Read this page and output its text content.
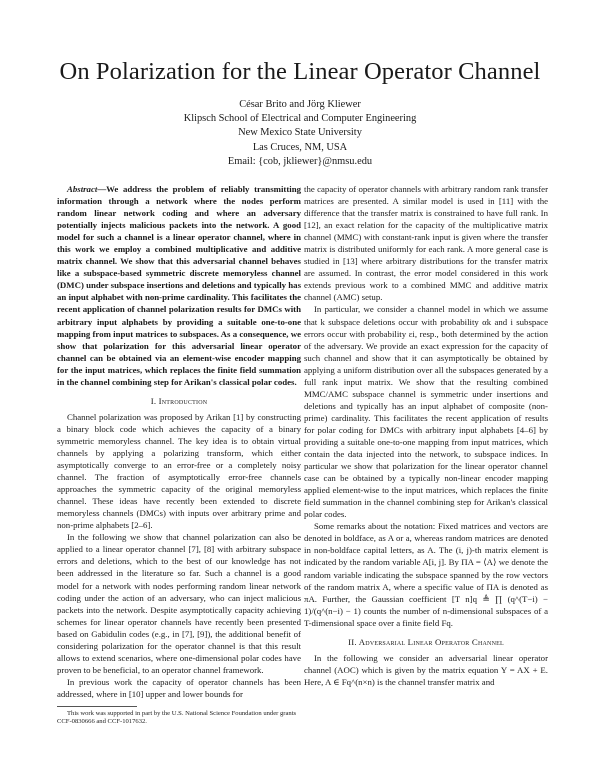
On Polarization for the Linear Operator Channel
César Brito and Jörg Kliewer
Klipsch School of Electrical and Computer Engineering
New Mexico State University
Las Cruces, NM, USA
Email: {cob, jkliewer}@nmsu.edu

Abstract—We address the problem of reliably transmitting information through a network where the nodes perform random linear network coding and where an adversary potentially injects malicious packets into the network. A good model for such a channel is a linear operator channel, where in this work we employ a combined multiplicative and additive matrix channel. We show that this adversarial channel behaves like a subspace-based symmetric discrete memoryless channel (DMC) under subspace insertions and deletions and typically has an input alphabet with non-prime cardinality. This facilitates the recent application of channel polarization results for DMCs with arbitrary input alphabets by providing a suitable one-to-one mapping from input matrices to subspaces. As a consequence, we show that polarization for this adversarial linear operator channel can be obtained via an element-wise encoder mapping for the input matrices, which replaces the finite field summation in the channel combining step for Arikan's classical polar codes.

I. Introduction

Channel polarization was proposed by Arikan [1] by constructing a binary block code which achieves the capacity of a binary symmetric memoryless channel. The key idea is to obtain virtual channels by applying a polarizing transform, which either asymptotically converge to an error-free or a completely noisy channel. The fraction of asymptotically error-free channels approaches the symmetric capacity of the original memoryless channel. These ideas have recently been extended to discrete memoryless channels (DMCs) with inputs over arbitrary prime and non-prime alphabets [2–6].

In the following we show that channel polarization can also be applied to a linear operator channel [7], [8] with arbitrary subspace errors and deletions, which to the best of our knowledge has not been addressed in the literature so far. Such a channel is a good model for a network with nodes performing random linear network coding under the action of an adversary, who can inject malicious packets into the network. Despite asymptotically capacity achieving schemes for linear operator channels have recently been presented based on Gabidulin codes (e.g., in [7], [9]), the additional benefit of considering polarization for the operator channel is that this result allows to extend scenarios, where one-dimensional polar codes have proven to be beneficial, to an operator channel framework.

In previous work the capacity of operator channels has been addressed, where in [10] upper and lower bounds for

This work was supported in part by the U.S. National Science Foundation under grants CCF-0830666 and CCF-1017632.

the capacity of operator channels with arbitrary random rank transfer matrices are presented. A similar model is used in [11] with the difference that the transfer matrix is constrained to have full rank. In [12], an exact relation for the capacity of the multiplicative matrix channel (MMC) with constant-rank input is given where the transfer matrix is distributed uniformly for each rank. A more general case is studied in [13] where arbitrary distributions for the transfer matrix are assumed. In contrast, the error model considered in this work extends previous work to a combined MMC and additive matrix channel (AMC) setup.

In particular, we consider a channel model in which we assume that k subspace deletions occur with probability αk and i subspace errors occur with probability εi, resp., both determined by the action of the adversary. We provide an exact expression for the capacity of such channel and show that it can asymptotically be obtained by applying a uniform distribution over all the subspaces generated by a full rank input matrix. We show that the resulting combined MMC/AMC subspace channel is symmetric under insertions and deletions and typically has an input alphabet of composite (non-prime) cardinality. This facilitates the recent application of results for polar coding for DMCs with arbitrary input alphabets [4–6] by providing a suitable one-to-one mapping from input matrices, which contain the data injected into the network, to subspace indices. In particular we show that polarization for the linear operator channel case can be obtained by a typically non-linear encoder mapping applied element-wise to the input matrices, which replaces the finite field summation in the channel combining step for Arikan's classical polar codes.

Some remarks about the notation: Fixed matrices and vectors are denoted in boldface, as A or a, whereas random matrices are denoted in non-boldface capital letters, as A. The (i, j)-th matrix element is indicated by the random variable A[i, j]. By ΠA = ⟨A⟩ we denote the random variable indicating the subspace spanned by the row vectors of the random matrix A, where a specific value of ΠA is denoted as πA. Further, the Gaussian coefficient [T n]q ≜ ∏ (q^(T−i) − 1)/(q^(n−i) − 1) counts the number of n-dimensional subspaces of a T-dimensional space over a finite field Fq.

II. Adversarial Linear Operator Channel

In the following we consider an adversarial linear operator channel (AOC) which is given by the matrix equation Y = AX + E. Here, A ∈ Fq^(n×n) is the channel transfer matrix and
